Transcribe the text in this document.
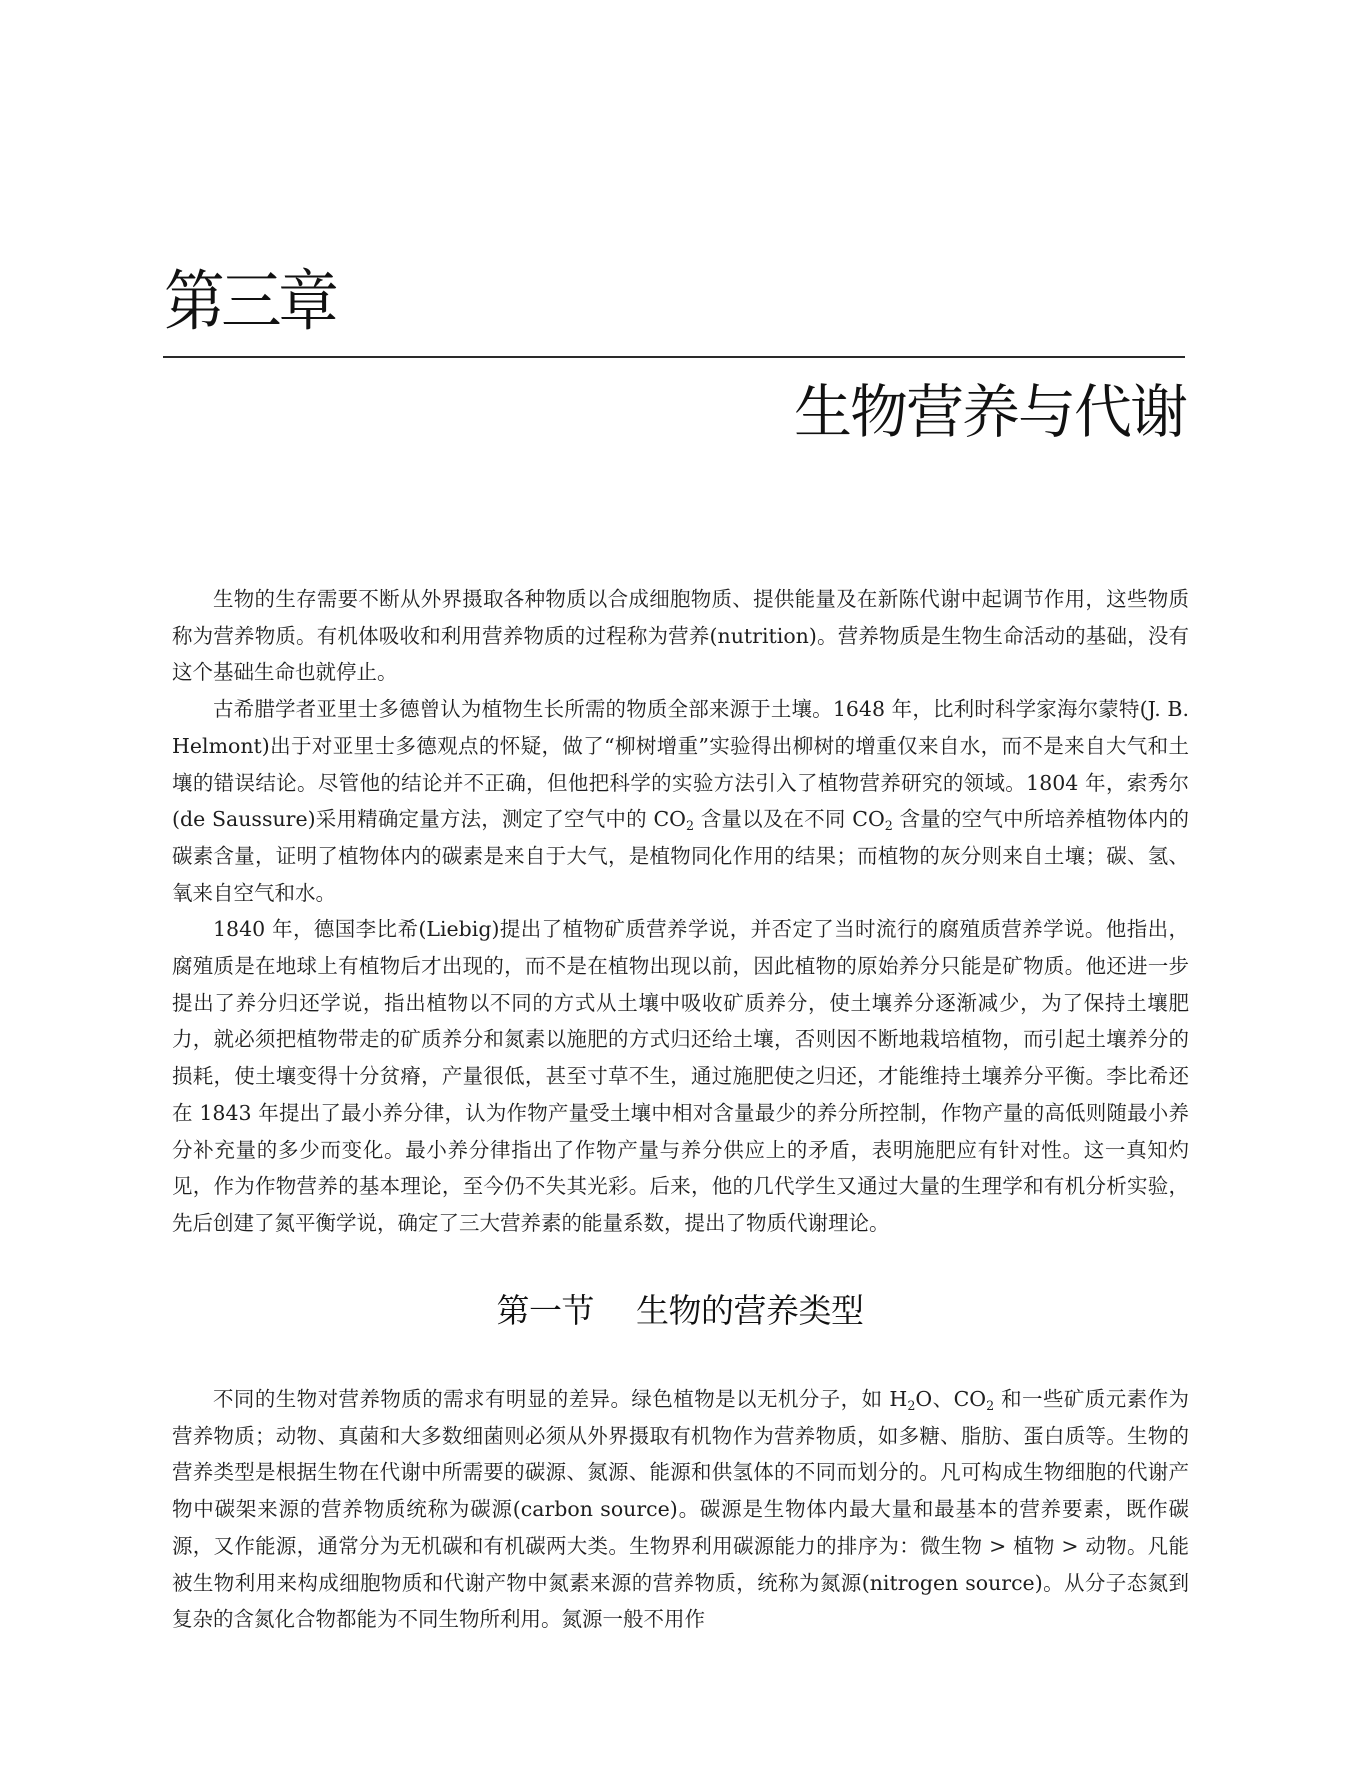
第三章
生物营养与代谢

生物的生存需要不断从外界摄取各种物质以合成细胞物质、提供能量及在新陈代谢中起调节作用，这些物质称为营养物质。有机体吸收和利用营养物质的过程称为营养(nutrition)。营养物质是生物生命活动的基础，没有这个基础生命也就停止。

古希腊学者亚里士多德曾认为植物生长所需的物质全部来源于土壤。1648 年，比利时科学家海尔蒙特(J. B. Helmont)出于对亚里士多德观点的怀疑，做了“柳树增重”实验得出柳树的增重仅来自水，而不是来自大气和土壤的错误结论。尽管他的结论并不正确，但他把科学的实验方法引入了植物营养研究的领域。1804 年，索秀尔(de Saussure)采用精确定量方法，测定了空气中的 $CO_2$ 含量以及在不同 $CO_2$ 含量的空气中所培养植物体内的碳素含量，证明了植物体内的碳素是来自于大气，是植物同化作用的结果；而植物的灰分则来自土壤；碳、氢、氧来自空气和水。

1840 年，德国李比希(Liebig)提出了植物矿质营养学说，并否定了当时流行的腐殖质营养学说。他指出，腐殖质是在地球上有植物后才出现的，而不是在植物出现以前，因此植物的原始养分只能是矿物质。他还进一步提出了养分归还学说，指出植物以不同的方式从土壤中吸收矿质养分，使土壤养分逐渐减少，为了保持土壤肥力，就必须把植物带走的矿质养分和氮素以施肥的方式归还给土壤，否则因不断地栽培植物，而引起土壤养分的损耗，使土壤变得十分贫瘠，产量很低，甚至寸草不生，通过施肥使之归还，才能维持土壤养分平衡。李比希还在 1843 年提出了最小养分律，认为作物产量受土壤中相对含量最少的养分所控制，作物产量的高低则随最小养分补充量的多少而变化。最小养分律指出了作物产量与养分供应上的矛盾，表明施肥应有针对性。这一真知灼见，作为作物营养的基本理论，至今仍不失其光彩。后来，他的几代学生又通过大量的生理学和有机分析实验，先后创建了氮平衡学说，确定了三大营养素的能量系数，提出了物质代谢理论。

第一节 生物的营养类型

不同的生物对营养物质的需求有明显的差异。绿色植物是以无机分子，如 $H_2O$、$CO_2$ 和一些矿质元素作为营养物质；动物、真菌和大多数细菌则必须从外界摄取有机物作为营养物质，如多糖、脂肪、蛋白质等。生物的营养类型是根据生物在代谢中所需要的碳源、氮源、能源和供氢体的不同而划分的。凡可构成生物细胞的代谢产物中碳架来源的营养物质统称为碳源(carbon source)。碳源是生物体内最大量和最基本的营养要素，既作碳源，又作能源，通常分为无机碳和有机碳两大类。生物界利用碳源能力的排序为：微生物 > 植物 > 动物。凡能被生物利用来构成细胞物质和代谢产物中氮素来源的营养物质，统称为氮源(nitrogen source)。从分子态氮到复杂的含氮化合物都能为不同生物所利用。氮源一般不用作
